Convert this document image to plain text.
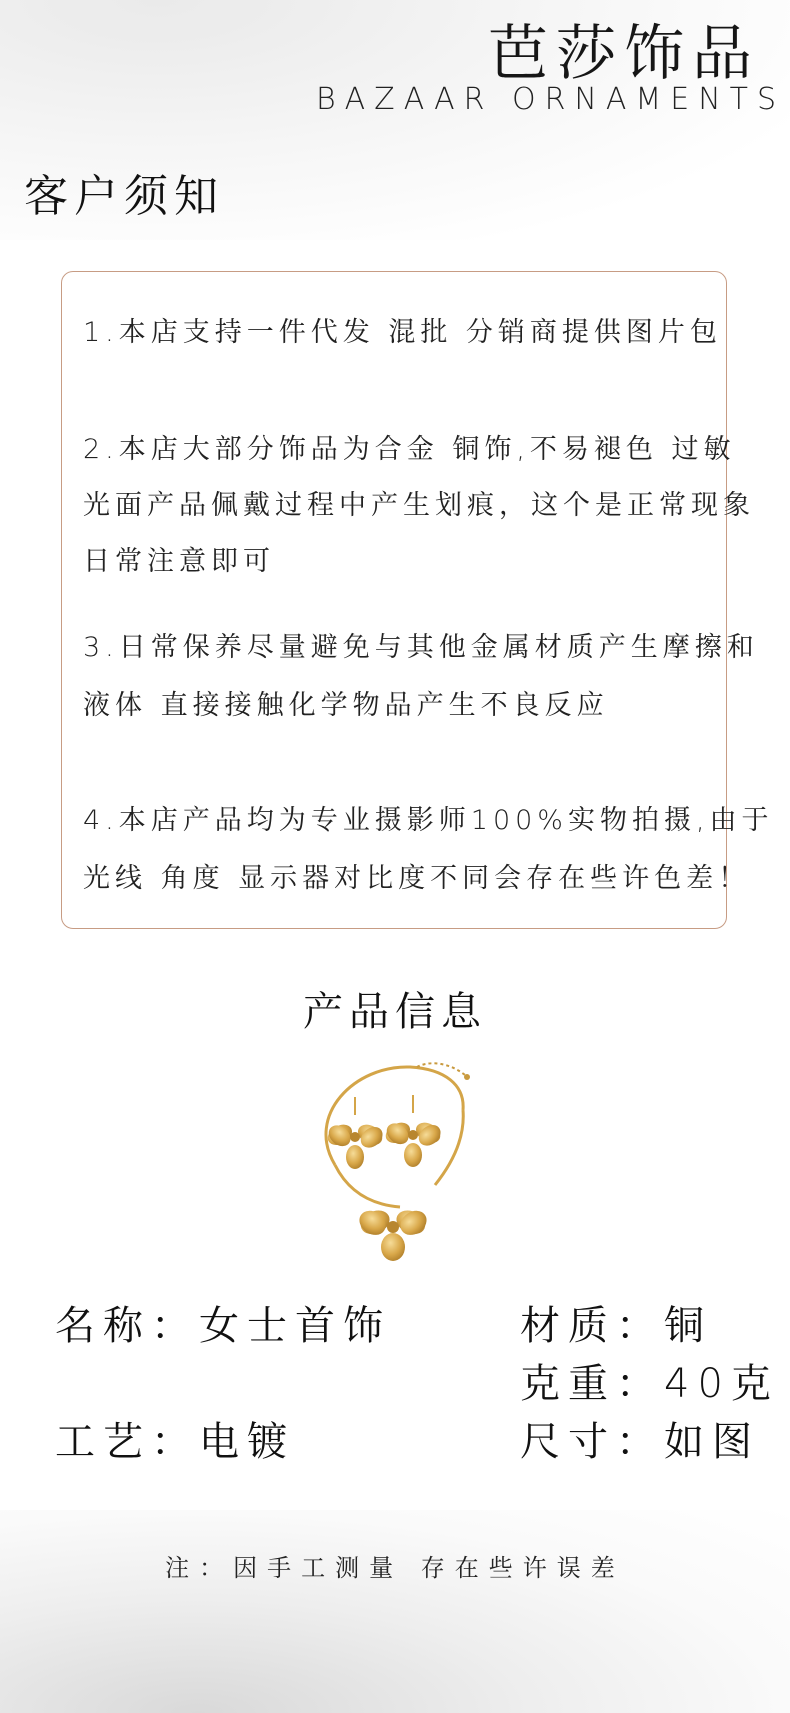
芭莎饰品
BAZAAR ORNAMENTS
客户须知
1.本店支持一件代发 混批 分销商提供图片包
2.本店大部分饰品为合金 铜饰,不易褪色 过敏
光面产品佩戴过程中产生划痕，这个是正常现象
日常注意即可
3.日常保养尽量避免与其他金属材质产生摩擦和
液体 直接接触化学物品产生不良反应
4.本店产品均为专业摄影师100%实物拍摄,由于
光线 角度 显示器对比度不同会存在些许色差！
产品信息
名称：女士首饰	材质：铜
克重：40克
工艺：电镀	尺寸：如图
注：因手工测量 存在些许误差
